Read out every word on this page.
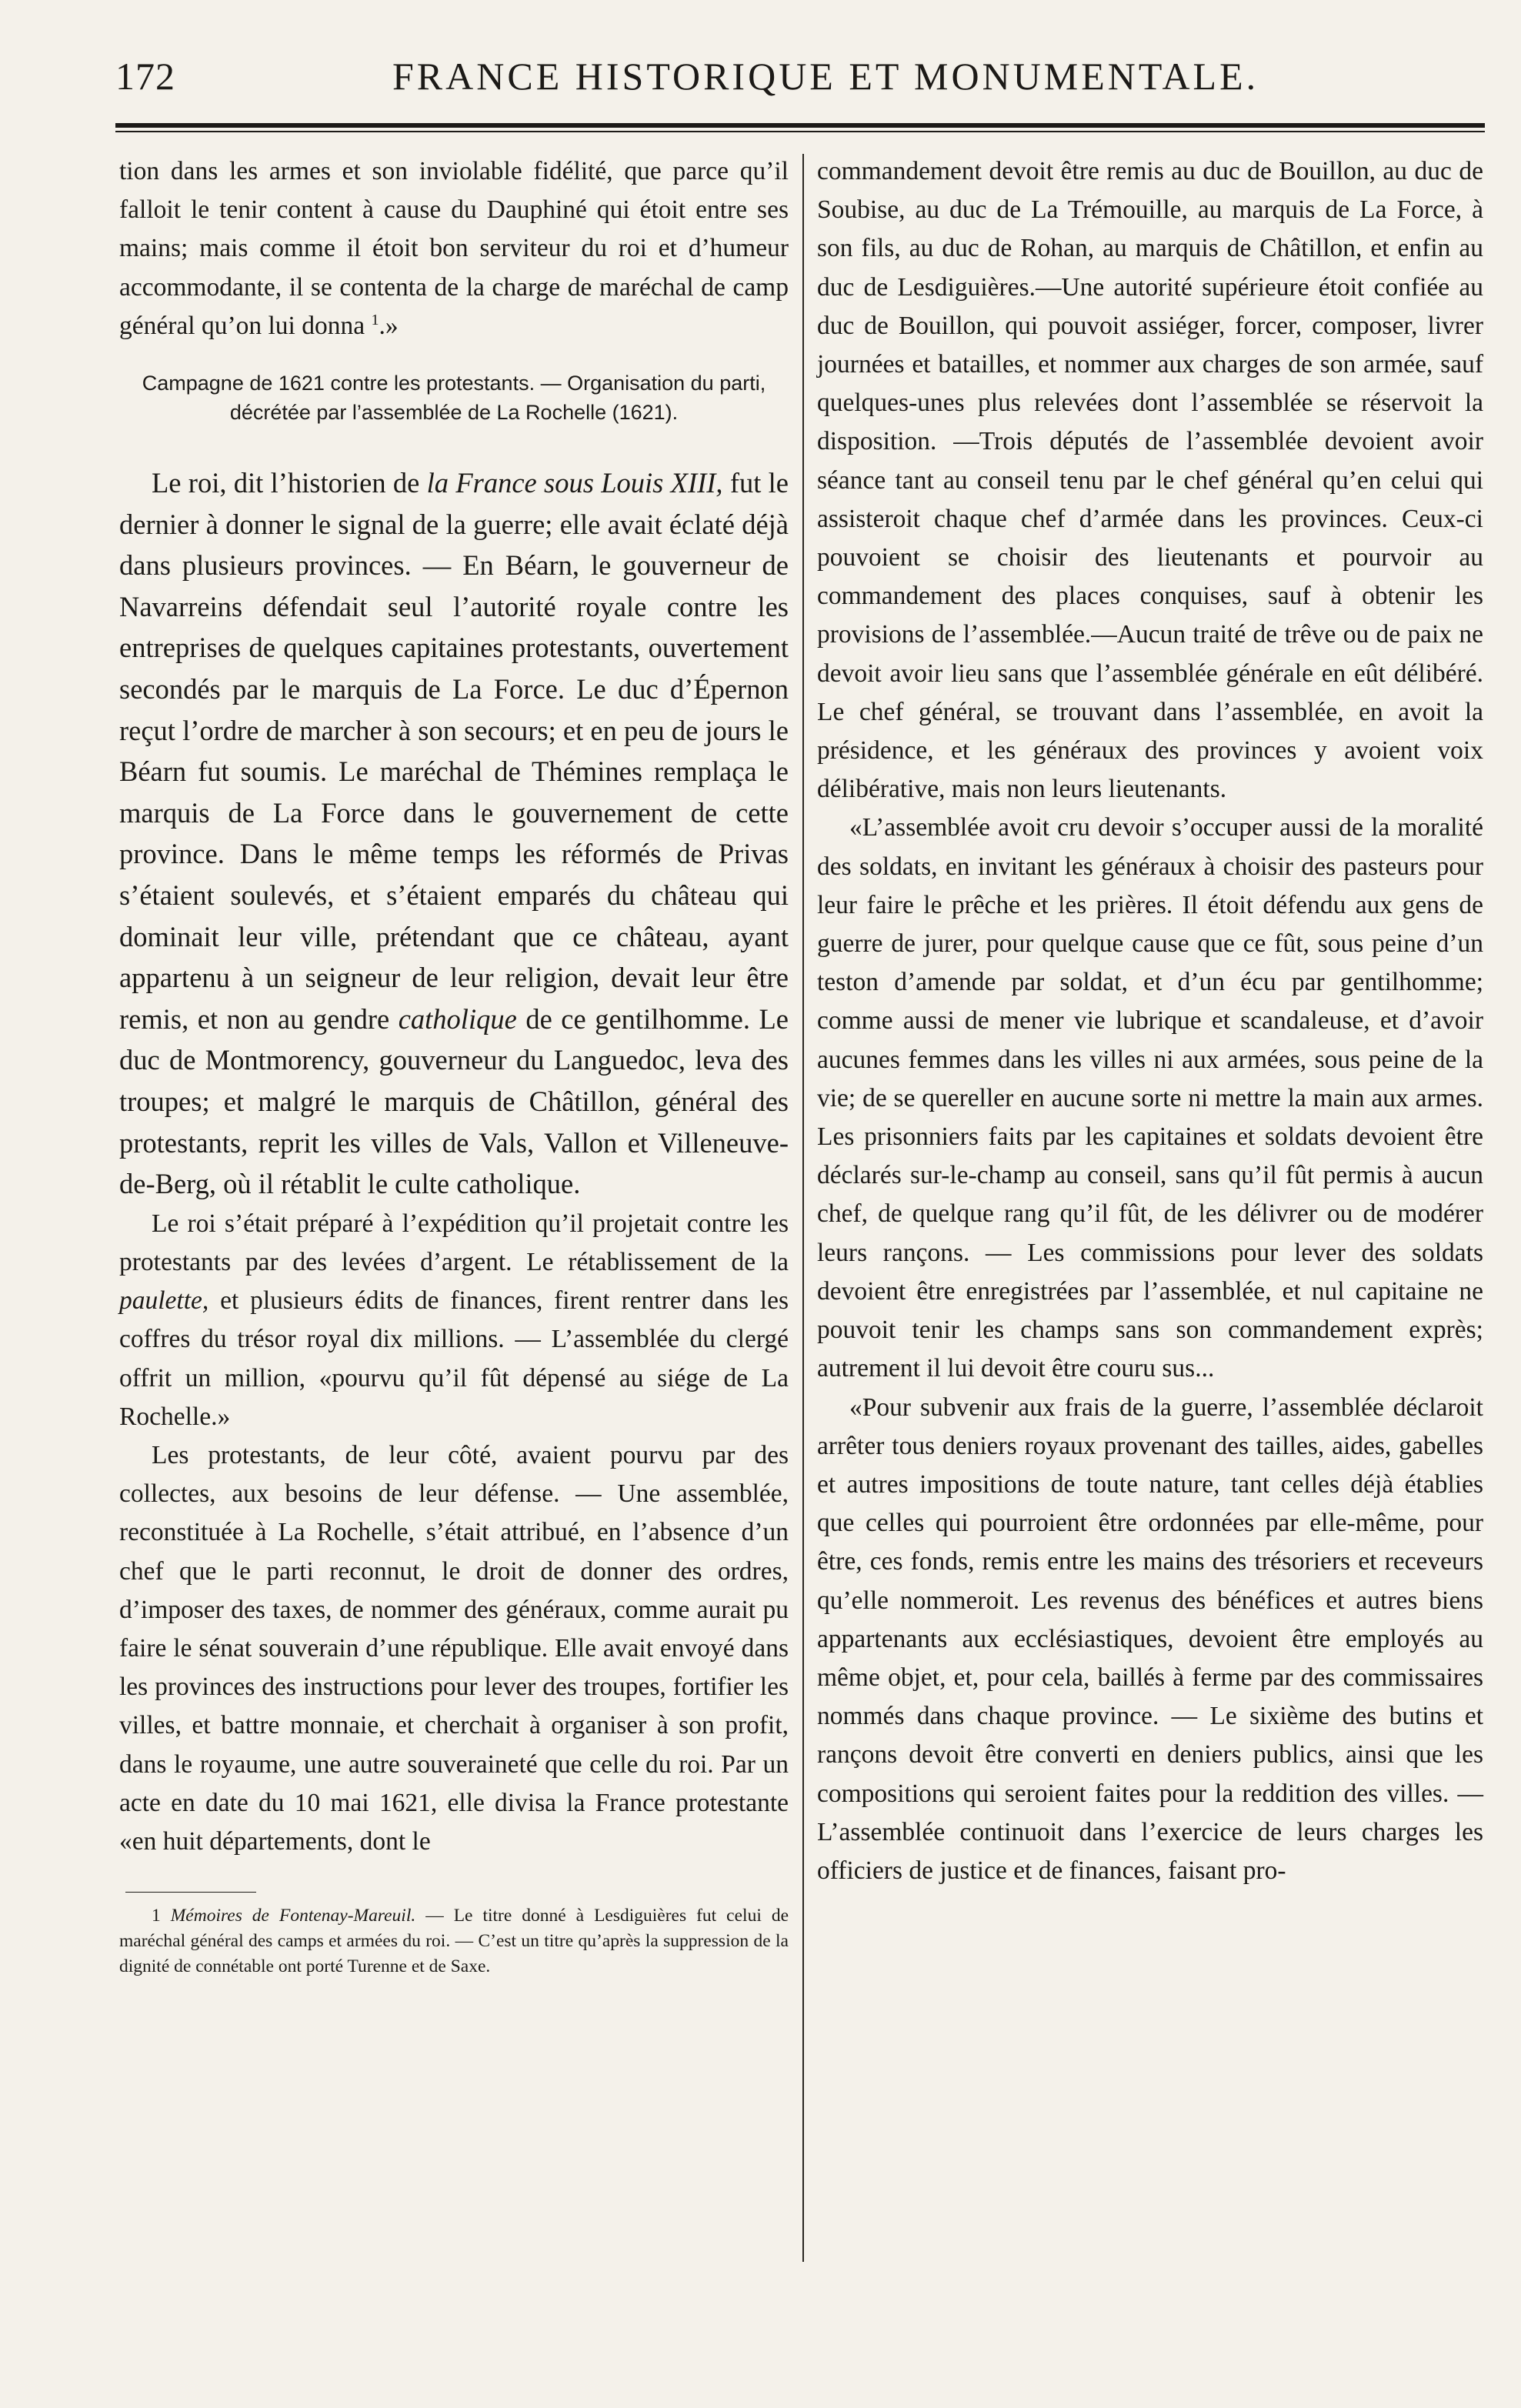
172	FRANCE HISTORIQUE ET MONUMENTALE.

tion dans les armes et son inviolable fidélité, que parce qu’il falloit le tenir content à cause du Dauphiné qui étoit entre ses mains; mais comme il étoit bon serviteur du roi et d’humeur accommodante, il se contenta de la charge de maréchal de camp général qu’on lui donna $^1$.»

Campagne de 1621 contre les protestants. — Organisation du parti, décrétée par l’assemblée de La Rochelle (1621).

Le roi, dit l’historien de la France sous Louis XIII, fut le dernier à donner le signal de la guerre; elle avait éclaté déjà dans plusieurs provinces. — En Béarn, le gouverneur de Navarreins défendait seul l’autorité royale contre les entreprises de quelques capitaines protestants, ouvertement secondés par le marquis de La Force. Le duc d’Épernon reçut l’ordre de marcher à son secours; et en peu de jours le Béarn fut soumis. Le maréchal de Thémines remplaça le marquis de La Force dans le gouvernement de cette province. Dans le même temps les réformés de Privas s’étaient soulevés, et s’étaient emparés du château qui dominait leur ville, prétendant que ce château, ayant appartenu à un seigneur de leur religion, devait leur être remis, et non au gendre catholique de ce gentilhomme. Le duc de Montmorency, gouverneur du Languedoc, leva des troupes; et malgré le marquis de Châtillon, général des protestants, reprit les villes de Vals, Vallon et Villeneuve-de-Berg, où il rétablit le culte catholique.

Le roi s’était préparé à l’expédition qu’il projetait contre les protestants par des levées d’argent. Le rétablissement de la paulette, et plusieurs édits de finances, firent rentrer dans les coffres du trésor royal dix millions. — L’assemblée du clergé offrit un million, «pourvu qu’il fût dépensé au siége de La Rochelle.»

Les protestants, de leur côté, avaient pourvu par des collectes, aux besoins de leur défense. — Une assemblée, reconstituée à La Rochelle, s’était attribué, en l’absence d’un chef que le parti reconnut, le droit de donner des ordres, d’imposer des taxes, de nommer des généraux, comme aurait pu faire le sénat souverain d’une république. Elle avait envoyé dans les provinces des instructions pour lever des troupes, fortifier les villes, et battre monnaie, et cherchait à organiser à son profit, dans le royaume, une autre souveraineté que celle du roi. Par un acte en date du 10 mai 1621, elle divisa la France protestante «en huit départements, dont le

1 Mémoires de Fontenay-Mareuil. — Le titre donné à Lesdiguières fut celui de maréchal général des camps et armées du roi. — C’est un titre qu’après la suppression de la dignité de connétable ont porté Turenne et de Saxe.

commandement devoit être remis au duc de Bouillon, au duc de Soubise, au duc de La Trémouille, au marquis de La Force, à son fils, au duc de Rohan, au marquis de Châtillon, et enfin au duc de Lesdiguières.—Une autorité supérieure étoit confiée au duc de Bouillon, qui pouvoit assiéger, forcer, composer, livrer journées et batailles, et nommer aux charges de son armée, sauf quelques-unes plus relevées dont l’assemblée se réservoit la disposition. —Trois députés de l’assemblée devoient avoir séance tant au conseil tenu par le chef général qu’en celui qui assisteroit chaque chef d’armée dans les provinces. Ceux-ci pouvoient se choisir des lieutenants et pourvoir au commandement des places conquises, sauf à obtenir les provisions de l’assemblée.—Aucun traité de trêve ou de paix ne devoit avoir lieu sans que l’assemblée générale en eût délibéré. Le chef général, se trouvant dans l’assemblée, en avoit la présidence, et les généraux des provinces y avoient voix délibérative, mais non leurs lieutenants.

«L’assemblée avoit cru devoir s’occuper aussi de la moralité des soldats, en invitant les généraux à choisir des pasteurs pour leur faire le prêche et les prières. Il étoit défendu aux gens de guerre de jurer, pour quelque cause que ce fût, sous peine d’un teston d’amende par soldat, et d’un écu par gentilhomme; comme aussi de mener vie lubrique et scandaleuse, et d’avoir aucunes femmes dans les villes ni aux armées, sous peine de la vie; de se quereller en aucune sorte ni mettre la main aux armes. Les prisonniers faits par les capitaines et soldats devoient être déclarés sur-le-champ au conseil, sans qu’il fût permis à aucun chef, de quelque rang qu’il fût, de les délivrer ou de modérer leurs rançons. — Les commissions pour lever des soldats devoient être enregistrées par l’assemblée, et nul capitaine ne pouvoit tenir les champs sans son commandement exprès; autrement il lui devoit être couru sus...

«Pour subvenir aux frais de la guerre, l’assemblée déclaroit arrêter tous deniers royaux provenant des tailles, aides, gabelles et autres impositions de toute nature, tant celles déjà établies que celles qui pourroient être ordonnées par elle-même, pour être, ces fonds, remis entre les mains des trésoriers et receveurs qu’elle nommeroit. Les revenus des bénéfices et autres biens appartenants aux ecclésiastiques, devoient être employés au même objet, et, pour cela, baillés à ferme par des commissaires nommés dans chaque province. — Le sixième des butins et rançons devoit être converti en deniers publics, ainsi que les compositions qui seroient faites pour la reddition des villes. — L’assemblée continuoit dans l’exercice de leurs charges les officiers de justice et de finances, faisant pro-
